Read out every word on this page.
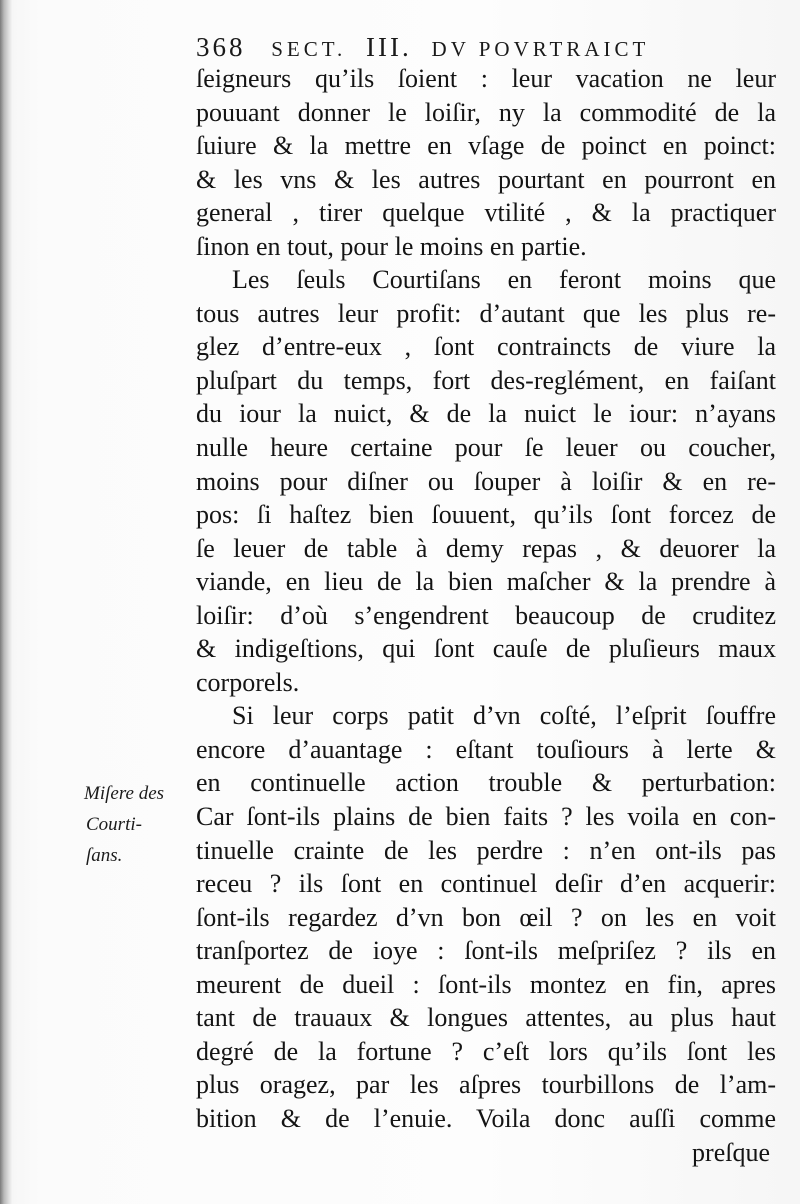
368 SECT. III. DV POVRTRAICT
ſeigneurs qu’ils ſoient : leur vacation ne leur
pouuant donner le loiſir, ny la commodité de la
ſuiure & la mettre en vſage de poinct en poinct:
& les vns & les autres pourtant en pourront en
general , tirer quelque vtilité , & la practiquer
ſinon en tout, pour le moins en partie.
Les ſeuls Courtiſans en feront moins que
tous autres leur profit: d’autant que les plus re-
glez d’entre-eux , ſont contraincts de viure la
pluſpart du temps, fort des-reglément, en faiſant
du iour la nuict, & de la nuict le iour: n’ayans
nulle heure certaine pour ſe leuer ou coucher,
moins pour diſner ou ſouper à loiſir & en re-
pos: ſi haſtez bien ſouuent, qu’ils ſont forcez de
ſe leuer de table à demy repas , & deuorer la
viande, en lieu de la bien maſcher & la prendre à
loiſir: d’où s’engendrent beaucoup de cruditez
& indigeſtions, qui ſont cauſe de pluſieurs maux
corporels.
Si leur corps patit d’vn coſté, l’eſprit ſouffre
encore d’auantage : eſtant touſiours à lerte &
en continuelle action trouble & perturbation:
Car ſont-ils plains de bien faits ? les voila en con-
tinuelle crainte de les perdre : n’en ont-ils pas
receu ? ils ſont en continuel deſir d’en acquerir:
ſont-ils regardez d’vn bon œil ? on les en voit
tranſportez de ioye : ſont-ils meſpriſez ? ils en
meurent de dueil : ſont-ils montez en fin, apres
tant de trauaux & longues attentes, au plus haut
degré de la fortune ? c’eſt lors qu’ils ſont les
plus oragez, par les aſpres tourbillons de l’am-
bition & de l’enuie. Voila donc auſſi comme
preſque
Miſere des
Courti-
ſans.
